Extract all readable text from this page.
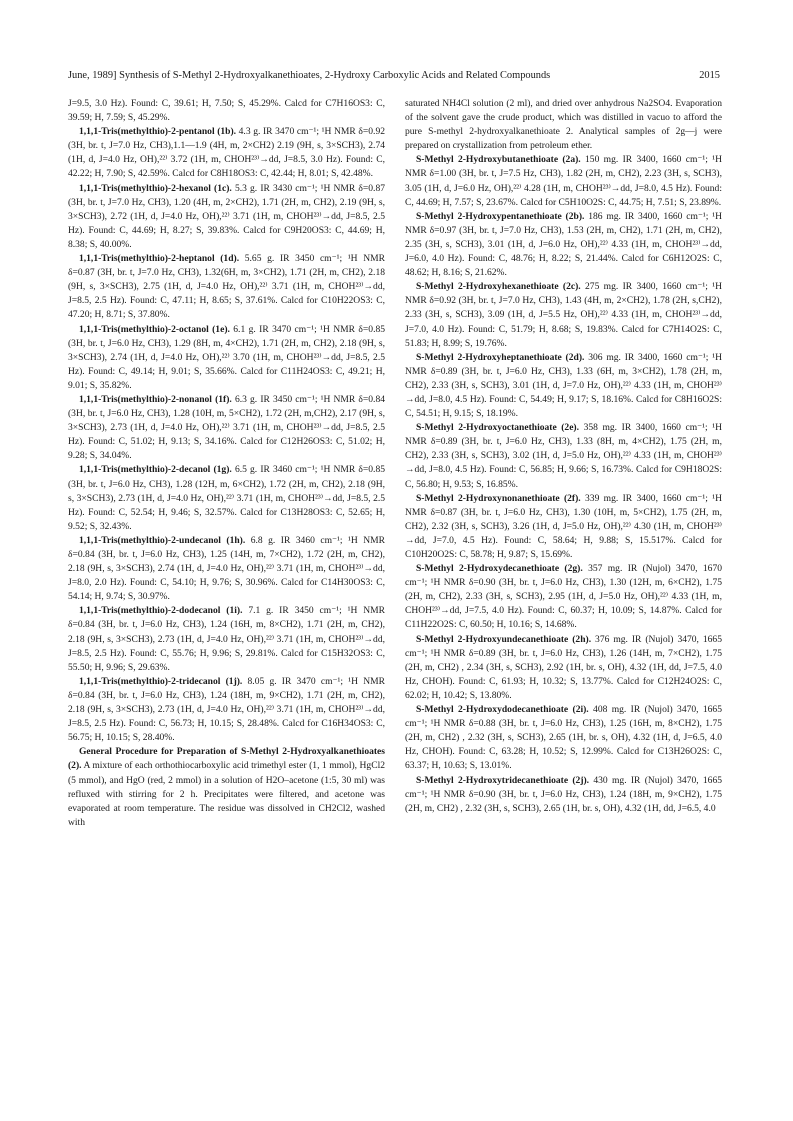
June, 1989] Synthesis of S-Methyl 2-Hydroxyalkanethioates, 2-Hydroxy Carboxylic Acids and Related Compounds	2015

J=9.5, 3.0 Hz). Found: C, 39.61; H, 7.50; S, 45.29%. Calcd for C7H16OS3: C, 39.59; H, 7.59; S, 45.29%.

1,1,1-Tris(methylthio)-2-pentanol (1b). 4.3 g. IR 3470 cm⁻¹; ¹H NMR δ=0.92 (3H, br. t, J=7.0 Hz, CH3),1.1—1.9 (4H, m, 2×CH2) 2.19 (9H, s, 3×SCH3), 2.74 (1H, d, J=4.0 Hz, OH),²²⁾ 3.72 (1H, m, CHOH²³⁾→dd, J=8.5, 3.0 Hz). Found: C, 42.22; H, 7.90; S, 42.59%. Calcd for C8H18OS3: C, 42.44; H, 8.01; S, 42.48%.

1,1,1-Tris(methylthio)-2-hexanol (1c). 5.3 g. IR 3430 cm⁻¹; ¹H NMR δ=0.87 (3H, br. t, J=7.0 Hz, CH3), 1.20 (4H, m, 2×CH2), 1.71 (2H, m, CH2), 2.19 (9H, s, 3×SCH3), 2.72 (1H, d, J=4.0 Hz, OH),²²⁾ 3.71 (1H, m, CHOH²³⁾→dd, J=8.5, 2.5 Hz). Found: C, 44.69; H, 8.27; S, 39.83%. Calcd for C9H20OS3: C, 44.69; H, 8.38; S, 40.00%.

1,1,1-Tris(methylthio)-2-heptanol (1d). 5.65 g. IR 3450 cm⁻¹; ¹H NMR δ=0.87 (3H, br. t, J=7.0 Hz, CH3), 1.32(6H, m, 3×CH2), 1.71 (2H, m, CH2), 2.18 (9H, s, 3×SCH3), 2.75 (1H, d, J=4.0 Hz, OH),²²⁾ 3.71 (1H, m, CHOH²³⁾→dd, J=8.5, 2.5 Hz). Found: C, 47.11; H, 8.65; S, 37.61%. Calcd for C10H22OS3: C, 47.20; H, 8.71; S, 37.80%.

1,1,1-Tris(methylthio)-2-octanol (1e). 6.1 g. IR 3470 cm⁻¹; ¹H NMR δ=0.85 (3H, br. t, J=6.0 Hz, CH3), 1.29 (8H, m, 4×CH2), 1.71 (2H, m, CH2), 2.18 (9H, s, 3×SCH3), 2.74 (1H, d, J=4.0 Hz, OH),²²⁾ 3.70 (1H, m, CHOH²³⁾→dd, J=8.5, 2.5 Hz). Found: C, 49.14; H, 9.01; S, 35.66%. Calcd for C11H24OS3: C, 49.21; H, 9.01; S, 35.82%.

1,1,1-Tris(methylthio)-2-nonanol (1f). 6.3 g. IR 3450 cm⁻¹; ¹H NMR δ=0.84 (3H, br. t, J=6.0 Hz, CH3), 1.28 (10H, m, 5×CH2), 1.72 (2H, m,CH2), 2.17 (9H, s, 3×SCH3), 2.73 (1H, d, J=4.0 Hz, OH),²²⁾ 3.71 (1H, m, CHOH²³⁾→dd, J=8.5, 2.5 Hz). Found: C, 51.02; H, 9.13; S, 34.16%. Calcd for C12H26OS3: C, 51.02; H, 9.28; S, 34.04%.

1,1,1-Tris(methylthio)-2-decanol (1g). 6.5 g. IR 3460 cm⁻¹; ¹H NMR δ=0.85 (3H, br. t, J=6.0 Hz, CH3), 1.28 (12H, m, 6×CH2), 1.72 (2H, m, CH2), 2.18 (9H, s, 3×SCH3), 2.73 (1H, d, J=4.0 Hz, OH),²²⁾ 3.71 (1H, m, CHOH²³⁾→dd, J=8.5, 2.5 Hz). Found: C, 52.54; H, 9.46; S, 32.57%. Calcd for C13H28OS3: C, 52.65; H, 9.52; S, 32.43%.

1,1,1-Tris(methylthio)-2-undecanol (1h). 6.8 g. IR 3460 cm⁻¹; ¹H NMR δ=0.84 (3H, br. t, J=6.0 Hz, CH3), 1.25 (14H, m, 7×CH2), 1.72 (2H, m, CH2), 2.18 (9H, s, 3×SCH3), 2.74 (1H, d, J=4.0 Hz, OH),²²⁾ 3.71 (1H, m, CHOH²³⁾→dd, J=8.0, 2.0 Hz). Found: C, 54.10; H, 9.76; S, 30.96%. Calcd for C14H30OS3: C, 54.14; H, 9.74; S, 30.97%.

1,1,1-Tris(methylthio)-2-dodecanol (1i). 7.1 g. IR 3450 cm⁻¹; ¹H NMR δ=0.84 (3H, br. t, J=6.0 Hz, CH3), 1.24 (16H, m, 8×CH2), 1.71 (2H, m, CH2), 2.18 (9H, s, 3×SCH3), 2.73 (1H, d, J=4.0 Hz, OH),²²⁾ 3.71 (1H, m, CHOH²³⁾→dd, J=8.5, 2.5 Hz). Found: C, 55.76; H, 9.96; S, 29.81%. Calcd for C15H32OS3: C, 55.50; H, 9.96; S, 29.63%.

1,1,1-Tris(methylthio)-2-tridecanol (1j). 8.05 g. IR 3470 cm⁻¹; ¹H NMR δ=0.84 (3H, br. t, J=6.0 Hz, CH3), 1.24 (18H, m, 9×CH2), 1.71 (2H, m, CH2), 2.18 (9H, s, 3×SCH3), 2.73 (1H, d, J=4.0 Hz, OH),²²⁾ 3.71 (1H, m, CHOH²³⁾→dd, J=8.5, 2.5 Hz). Found: C, 56.73; H, 10.15; S, 28.48%. Calcd for C16H34OS3: C, 56.75; H, 10.15; S, 28.40%.

General Procedure for Preparation of S-Methyl 2-Hydroxyalkanethioates (2). A mixture of each orthothiocarboxylic acid trimethyl ester (1, 1 mmol), HgCl2 (5 mmol), and HgO (red, 2 mmol) in a solution of H2O–acetone (1:5, 30 ml) was refluxed with stirring for 2 h. Precipitates were filtered, and acetone was evaporated at room temperature. The residue was dissolved in CH2Cl2, washed with

saturated NH4Cl solution (2 ml), and dried over anhydrous Na2SO4. Evaporation of the solvent gave the crude product, which was distilled in vacuo to afford the pure S-methyl 2-hydroxyalkanethioate 2. Analytical samples of 2g—j were prepared on crystallization from petroleum ether.

S-Methyl 2-Hydroxybutanethioate (2a). 150 mg. IR 3400, 1660 cm⁻¹; ¹H NMR δ=1.00 (3H, br. t, J=7.5 Hz, CH3), 1.82 (2H, m, CH2), 2.23 (3H, s, SCH3), 3.05 (1H, d, J=6.0 Hz, OH),²²⁾ 4.28 (1H, m, CHOH²³⁾→dd, J=8.0, 4.5 Hz). Found: C, 44.69; H, 7.57; S, 23.67%. Calcd for C5H10O2S: C, 44.75; H, 7.51; S, 23.89%.

S-Methyl 2-Hydroxypentanethioate (2b). 186 mg. IR 3400, 1660 cm⁻¹; ¹H NMR δ=0.97 (3H, br. t, J=7.0 Hz, CH3), 1.53 (2H, m, CH2), 1.71 (2H, m, CH2), 2.35 (3H, s, SCH3), 3.01 (1H, d, J=6.0 Hz, OH),²²⁾ 4.33 (1H, m, CHOH²³⁾→dd, J=6.0, 4.0 Hz). Found: C, 48.76; H, 8.22; S, 21.44%. Calcd for C6H12O2S: C, 48.62; H, 8.16; S, 21.62%.

S-Methyl 2-Hydroxyhexanethioate (2c). 275 mg. IR 3400, 1660 cm⁻¹; ¹H NMR δ=0.92 (3H, br. t, J=7.0 Hz, CH3), 1.43 (4H, m, 2×CH2), 1.78 (2H, s,CH2), 2.33 (3H, s, SCH3), 3.09 (1H, d, J=5.5 Hz, OH),²²⁾ 4.33 (1H, m, CHOH²³⁾→dd, J=7.0, 4.0 Hz). Found: C, 51.79; H, 8.68; S, 19.83%. Calcd for C7H14O2S: C, 51.83; H, 8.99; S, 19.76%.

S-Methyl 2-Hydroxyheptanethioate (2d). 306 mg. IR 3400, 1660 cm⁻¹; ¹H NMR δ=0.89 (3H, br. t, J=6.0 Hz, CH3), 1.33 (6H, m, 3×CH2), 1.78 (2H, m, CH2), 2.33 (3H, s, SCH3), 3.01 (1H, d, J=7.0 Hz, OH),²²⁾ 4.33 (1H, m, CHOH²³⁾→dd, J=8.0, 4.5 Hz). Found: C, 54.49; H, 9.17; S, 18.16%. Calcd for C8H16O2S: C, 54.51; H, 9.15; S, 18.19%.

S-Methyl 2-Hydroxyoctanethioate (2e). 358 mg. IR 3400, 1660 cm⁻¹; ¹H NMR δ=0.89 (3H, br. t, J=6.0 Hz, CH3), 1.33 (8H, m, 4×CH2), 1.75 (2H, m, CH2), 2.33 (3H, s, SCH3), 3.02 (1H, d, J=5.0 Hz, OH),²²⁾ 4.33 (1H, m, CHOH²³⁾→dd, J=8.0, 4.5 Hz). Found: C, 56.85; H, 9.66; S, 16.73%. Calcd for C9H18O2S: C, 56.80; H, 9.53; S, 16.85%.

S-Methyl 2-Hydroxynonanethioate (2f). 339 mg. IR 3400, 1660 cm⁻¹; ¹H NMR δ=0.87 (3H, br. t, J=6.0 Hz, CH3), 1.30 (10H, m, 5×CH2), 1.75 (2H, m, CH2), 2.32 (3H, s, SCH3), 3.26 (1H, d, J=5.0 Hz, OH),²²⁾ 4.30 (1H, m, CHOH²³⁾→dd, J=7.0, 4.5 Hz). Found: C, 58.64; H, 9.88; S, 15.517%. Calcd for C10H20O2S: C, 58.78; H, 9.87; S, 15.69%.

S-Methyl 2-Hydroxydecanethioate (2g). 357 mg. IR (Nujol) 3470, 1670 cm⁻¹; ¹H NMR δ=0.90 (3H, br. t, J=6.0 Hz, CH3), 1.30 (12H, m, 6×CH2), 1.75 (2H, m, CH2), 2.33 (3H, s, SCH3), 2.95 (1H, d, J=5.0 Hz, OH),²²⁾ 4.33 (1H, m, CHOH²³⁾→dd, J=7.5, 4.0 Hz). Found: C, 60.37; H, 10.09; S, 14.87%. Calcd for C11H22O2S: C, 60.50; H, 10.16; S, 14.68%.

S-Methyl 2-Hydroxyundecanethioate (2h). 376 mg. IR (Nujol) 3470, 1665 cm⁻¹; ¹H NMR δ=0.89 (3H, br. t, J=6.0 Hz, CH3), 1.26 (14H, m, 7×CH2), 1.75 (2H, m, CH2) , 2.34 (3H, s, SCH3), 2.92 (1H, br. s, OH), 4.32 (1H, dd, J=7.5, 4.0 Hz, CHOH). Found: C, 61.93; H, 10.32; S, 13.77%. Calcd for C12H24O2S: C, 62.02; H, 10.42; S, 13.80%.

S-Methyl 2-Hydroxydodecanethioate (2i). 408 mg. IR (Nujol) 3470, 1665 cm⁻¹; ¹H NMR δ=0.88 (3H, br. t, J=6.0 Hz, CH3), 1.25 (16H, m, 8×CH2), 1.75 (2H, m, CH2) , 2.32 (3H, s, SCH3), 2.65 (1H, br. s, OH), 4.32 (1H, d, J=6.5, 4.0 Hz, CHOH). Found: C, 63.28; H, 10.52; S, 12.99%. Calcd for C13H26O2S: C, 63.37; H, 10.63; S, 13.01%.

S-Methyl 2-Hydroxytridecanethioate (2j). 430 mg. IR (Nujol) 3470, 1665 cm⁻¹; ¹H NMR δ=0.90 (3H, br. t, J=6.0 Hz, CH3), 1.24 (18H, m, 9×CH2), 1.75 (2H, m, CH2) , 2.32 (3H, s, SCH3), 2.65 (1H, br. s, OH), 4.32 (1H, dd, J=6.5, 4.0
